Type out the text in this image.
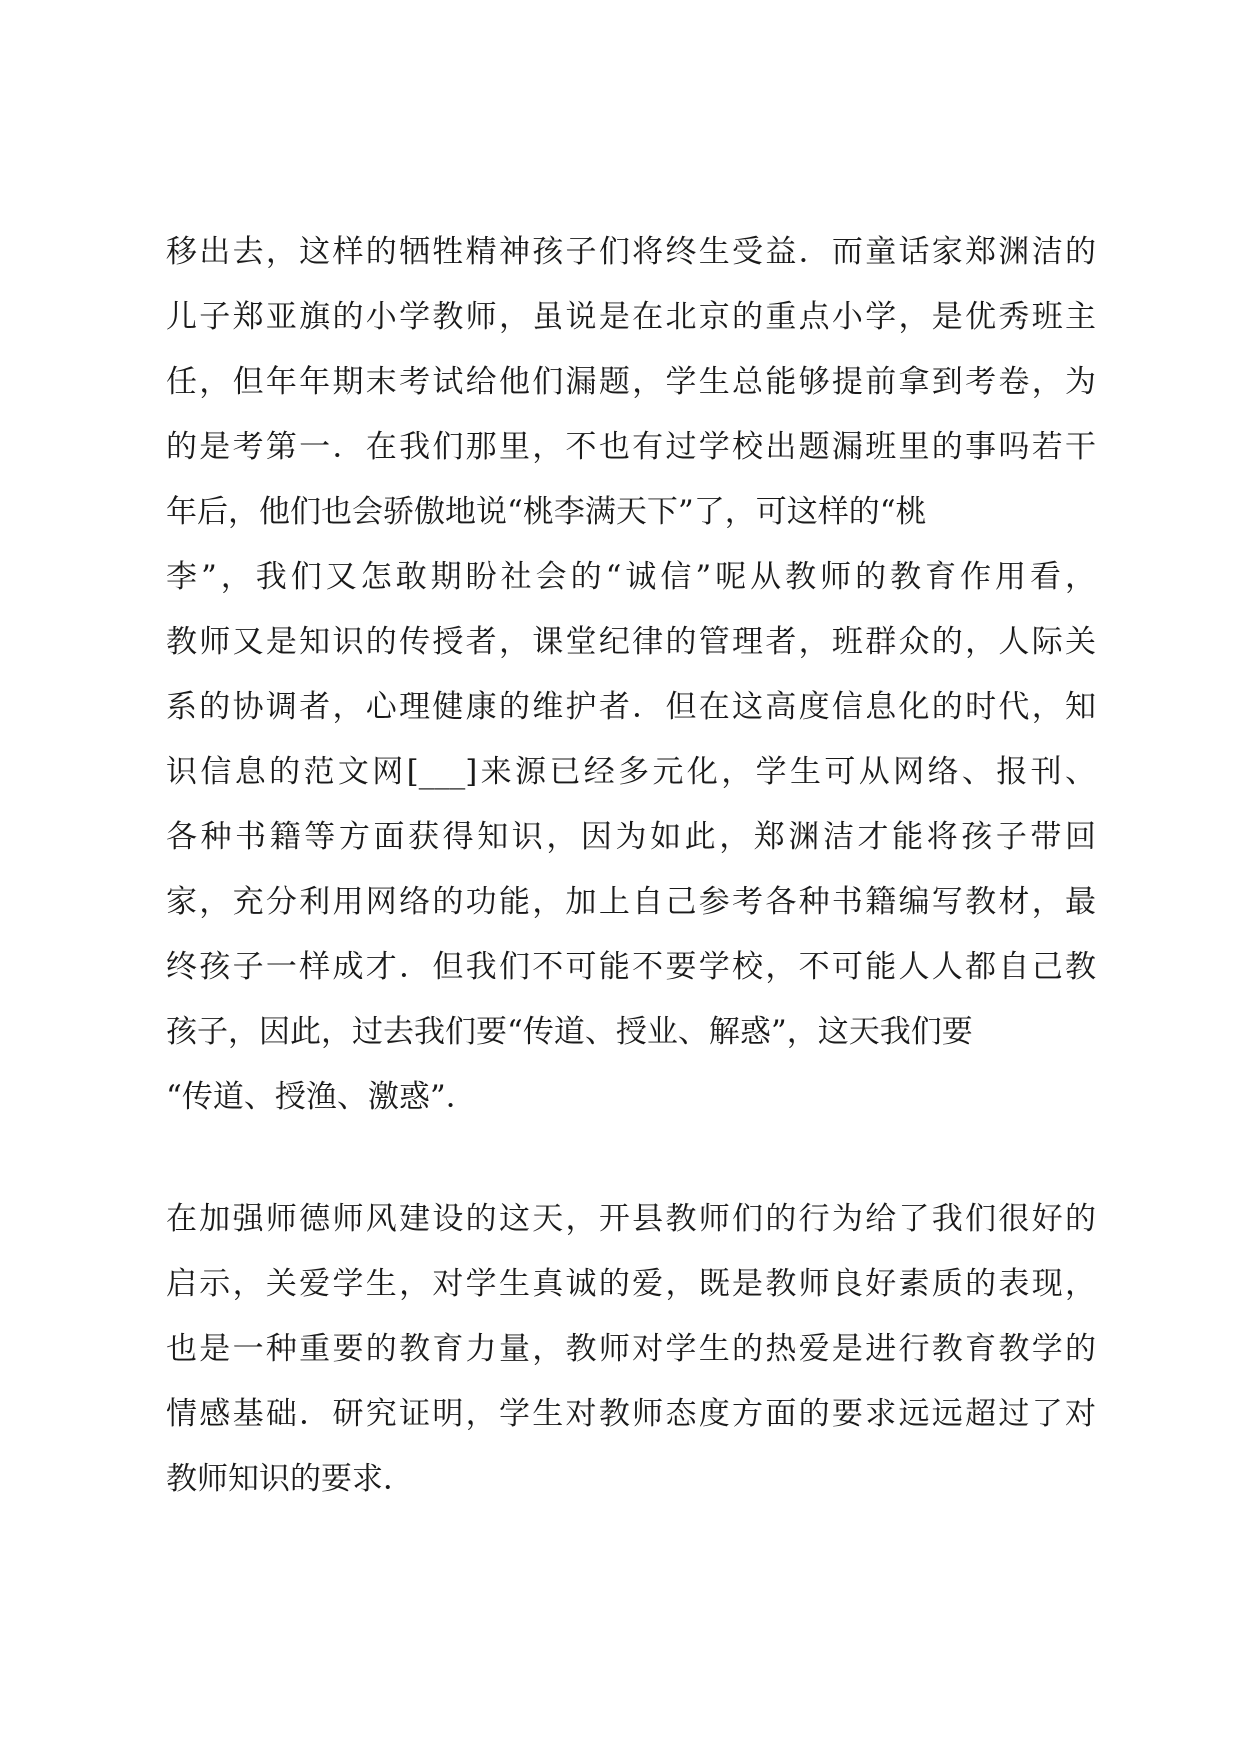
移出去，这样的牺牲精神孩子们将终生受益．而童话家郑渊洁的
儿子郑亚旗的小学教师，虽说是在北京的重点小学，是优秀班主
任，但年年期末考试给他们漏题，学生总能够提前拿到考卷，为
的是考第一．在我们那里，不也有过学校出题漏班里的事吗若干
年后，他们也会骄傲地说“桃李满天下”了，可这样的“桃
李”，我们又怎敢期盼社会的“诚信”呢从教师的教育作用看，
教师又是知识的传授者，课堂纪律的管理者，班群众的，人际关
系的协调者，心理健康的维护者．但在这高度信息化的时代，知
识信息的范文网[___]来源已经多元化，学生可从网络、报刊、
各种书籍等方面获得知识，因为如此，郑渊洁才能将孩子带回
家，充分利用网络的功能，加上自己参考各种书籍编写教材，最
终孩子一样成才．但我们不可能不要学校，不可能人人都自己教
孩子，因此，过去我们要“传道、授业、解惑”，这天我们要
“传道、授渔、激惑”．
在加强师德师风建设的这天，开县教师们的行为给了我们很好的
启示，关爱学生，对学生真诚的爱，既是教师良好素质的表现，
也是一种重要的教育力量，教师对学生的热爱是进行教育教学的
情感基础．研究证明，学生对教师态度方面的要求远远超过了对
教师知识的要求．
